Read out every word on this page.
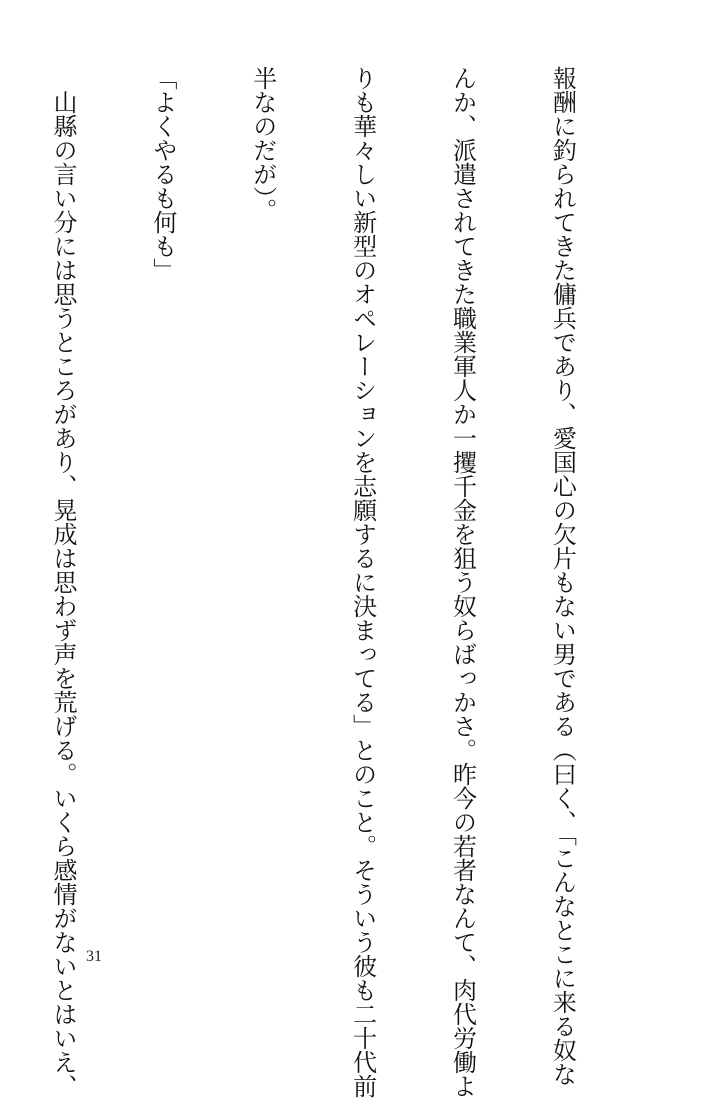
報酬に釣られてきた傭兵であり、愛国心の欠片もない男である（曰く、「こんなとこに来る奴な

んか、派遣されてきた職業軍人か一攫千金を狙う奴らばっかさ。昨今の若者なんて、肉代労働よ

りも華々しい新型のオペレーションを志願するに決まってる」とのこと。そういう彼も二十代前

半なのだが）。

「よくやるも何も」

　山縣の言い分には思うところがあり、晃成は思わず声を荒げる。いくら感情がないとはいえ、

31
